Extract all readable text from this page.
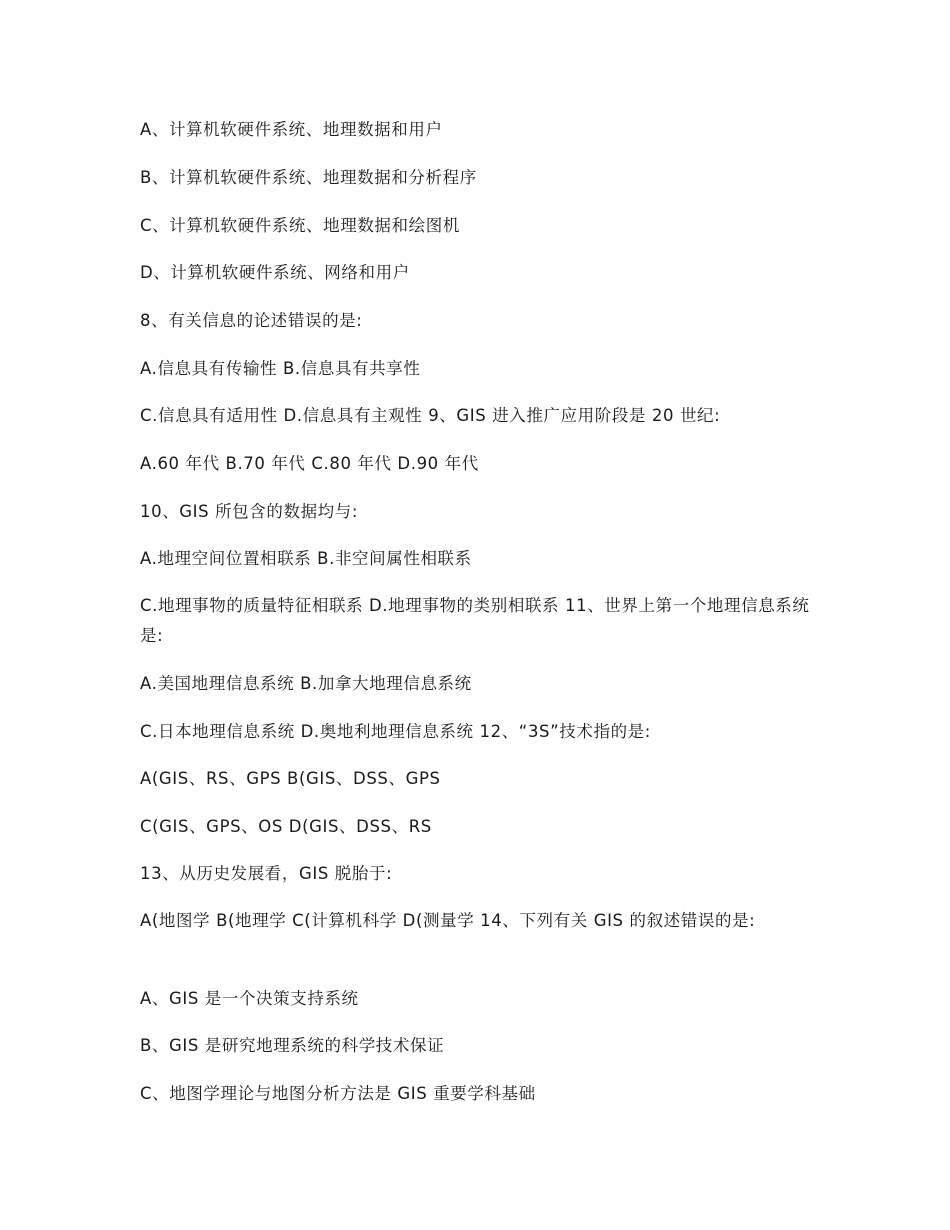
A、计算机软硬件系统、地理数据和用户

B、计算机软硬件系统、地理数据和分析程序

C、计算机软硬件系统、地理数据和绘图机

D、计算机软硬件系统、网络和用户

8、有关信息的论述错误的是:

A.信息具有传输性 B.信息具有共享性

C.信息具有适用性 D.信息具有主观性 9、GIS 进入推广应用阶段是 20 世纪:

A.60 年代 B.70 年代 C.80 年代 D.90 年代

10、GIS 所包含的数据均与:

A.地理空间位置相联系 B.非空间属性相联系

C.地理事物的质量特征相联系 D.地理事物的类别相联系 11、世界上第一个地理信息系统是:

A.美国地理信息系统 B.加拿大地理信息系统

C.日本地理信息系统 D.奥地利地理信息系统 12、“3S”技术指的是:

A(GIS、RS、GPS B(GIS、DSS、GPS

C(GIS、GPS、OS D(GIS、DSS、RS

13、从历史发展看，GIS 脱胎于:

A(地图学 B(地理学 C(计算机科学 D(测量学 14、下列有关 GIS 的叙述错误的是:

A、GIS 是一个决策支持系统

B、GIS 是研究地理系统的科学技术保证

C、地图学理论与地图分析方法是 GIS 重要学科基础
